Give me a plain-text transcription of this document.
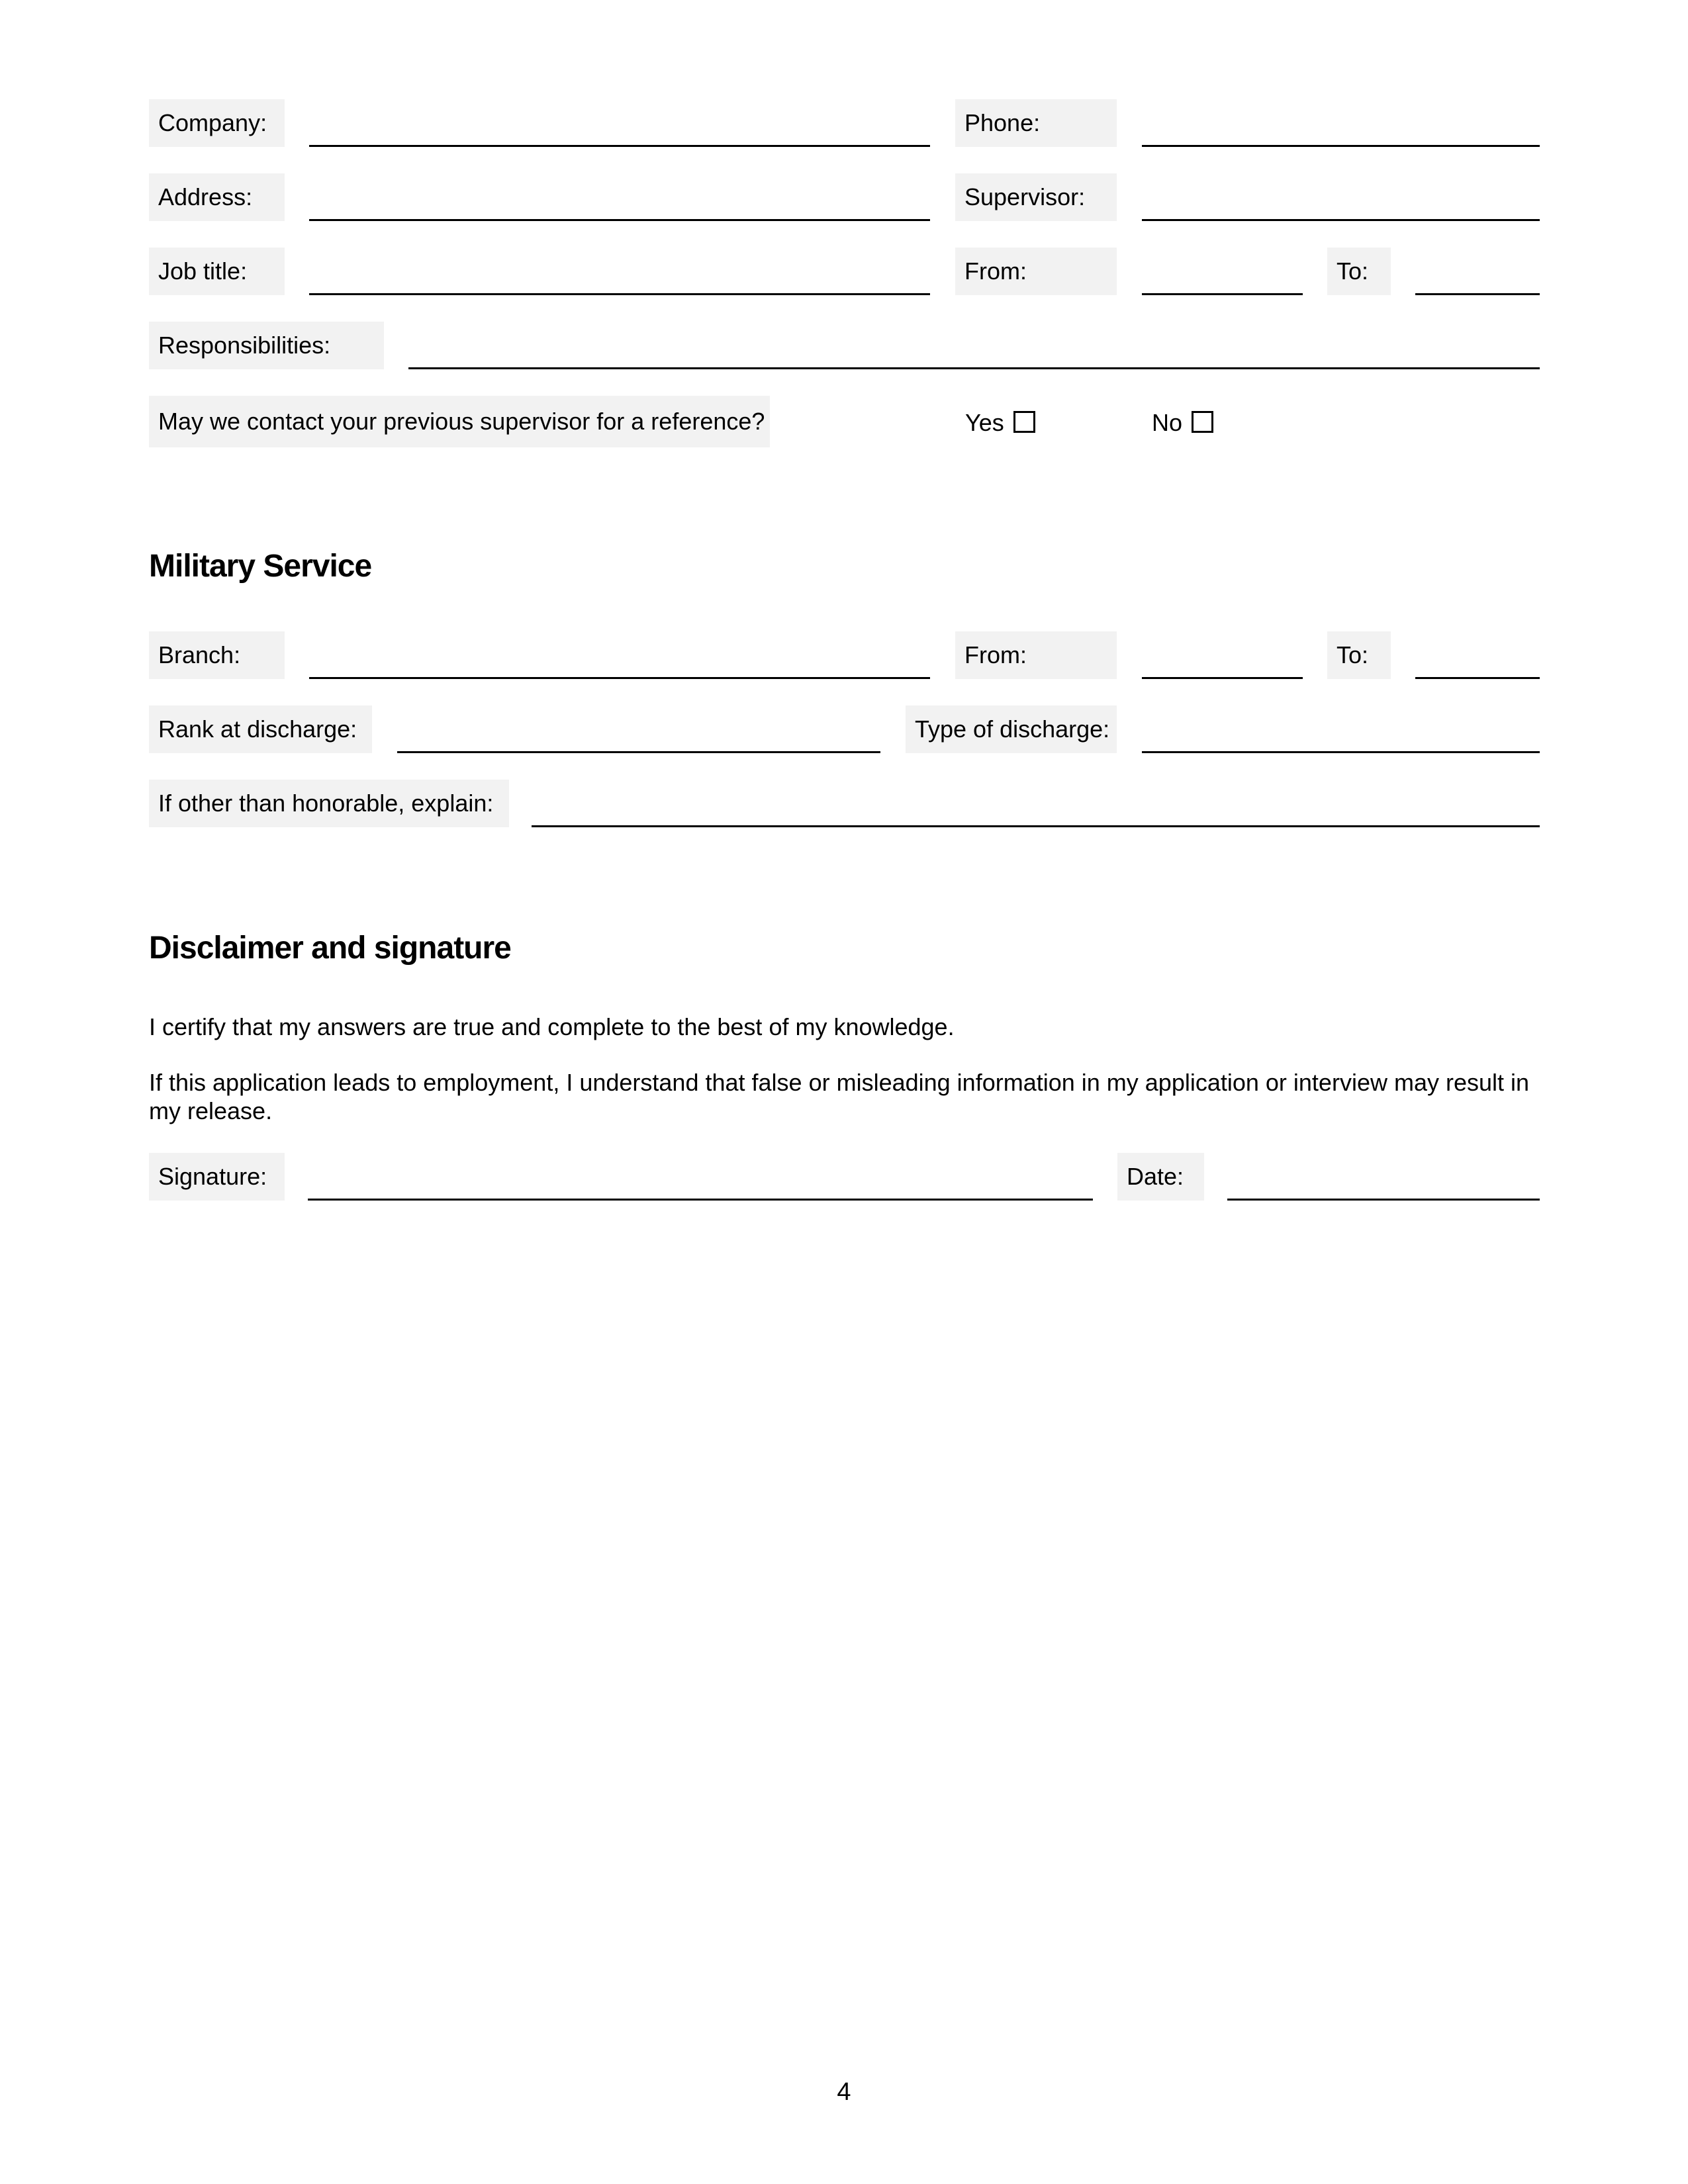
Company:	Phone:
Address:	Supervisor:
Job title:	From:	To:
Responsibilities:
May we contact your previous supervisor for a reference?	Yes	No
Military Service
Branch:	From:	To:
Rank at discharge:	Type of discharge:
If other than honorable, explain:
Disclaimer and signature
I certify that my answers are true and complete to the best of my knowledge.
If this application leads to employment, I understand that false or misleading information in my application or interview may result in my release.
Signature:	Date:
4
